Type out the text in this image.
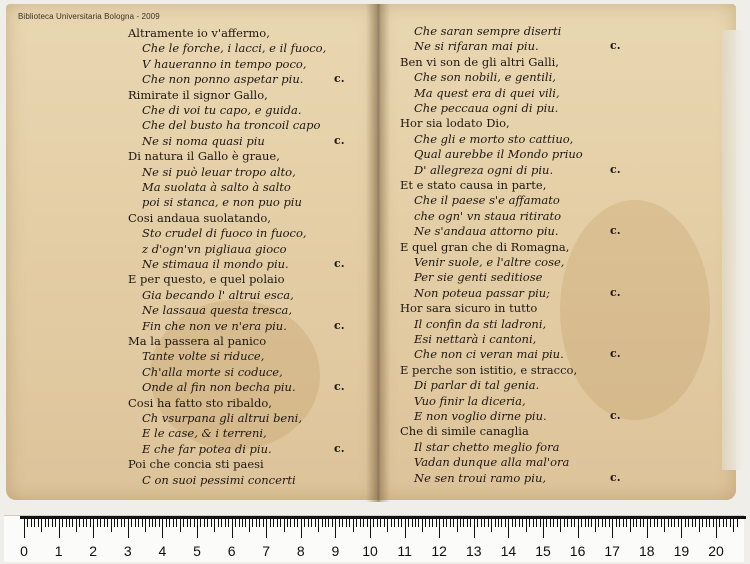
Biblioteca Universitaria Bologna - 2009
Altramente io v'affermo,
Che le forche, i lacci, e il fuoco,
V haueranno in tempo poco,
Che non ponno aspetar piu.
Rimirate il signor Gallo,
Che di voi tu capo, e guida.
Che del busto ha troncoil capo
Ne si noma quasi piu
Di natura il Gallo è graue,
Ne si può leuar tropo alto,
Ma suolata à salto à salto
poi si stanca, e non puo piu
Cosi andaua suolatando,
Sto crudel di fuoco in fuoco,
z d'ogn'vn pigliaua gioco
Ne stimaua il mondo piu.
E per questo, e quel polaio
Gia becando l' altrui esca,
Ne lassaua questa tresca,
Fin che non ve n'era piu.
Ma la passera al panico
Tante volte si riduce,
Ch'alla morte si coduce,
Onde al fin non becha piu.
Cosi ha fatto sto ribaldo,
Ch vsurpana gli altrui beni,
E le case, & i terreni,
E che far potea di piu.
Poi che concia sti paesi
C on suoi pessimi concerti
c.
c.
c.
c.
c.
c.
Che saran sempre diserti
Ne si rifaran mai piu.
Ben vi son de gli altri Galli,
Che son nobili, e gentili,
Ma quest era di quei vili,
Che peccaua ogni di piu.
Hor sia lodato Dio,
Che gli e morto sto cattiuo,
Qual aurebbe il Mondo priuo
D' allegreza ogni di piu.
Et e stato causa in parte,
Che il paese s'e affamato
che ogn' vn staua ritirato
Ne s'andaua attorno piu.
E quel gran che di Romagna,
Venir suole, e l'altre cose,
Per sie genti seditiose
Non poteua passar piu;
Hor sara sicuro in tutto
Il confin da sti ladroni,
Esi nettarà i cantoni,
Che non ci veran mai piu.
E perche son istitio, e stracco,
Di parlar di tal genia.
Vuo finir la diceria,
E non voglio dirne piu.
Che di simile canaglia
Il star chetto meglio fora
Vadan dunque alla mal'ora
Ne sen troui ramo piu,
c.
c.
c.
c.
c.
c.
c.
0 1 2 3 4 5 6 7 8 9 10 11 12 13 14 15 16 17 18 19 20
